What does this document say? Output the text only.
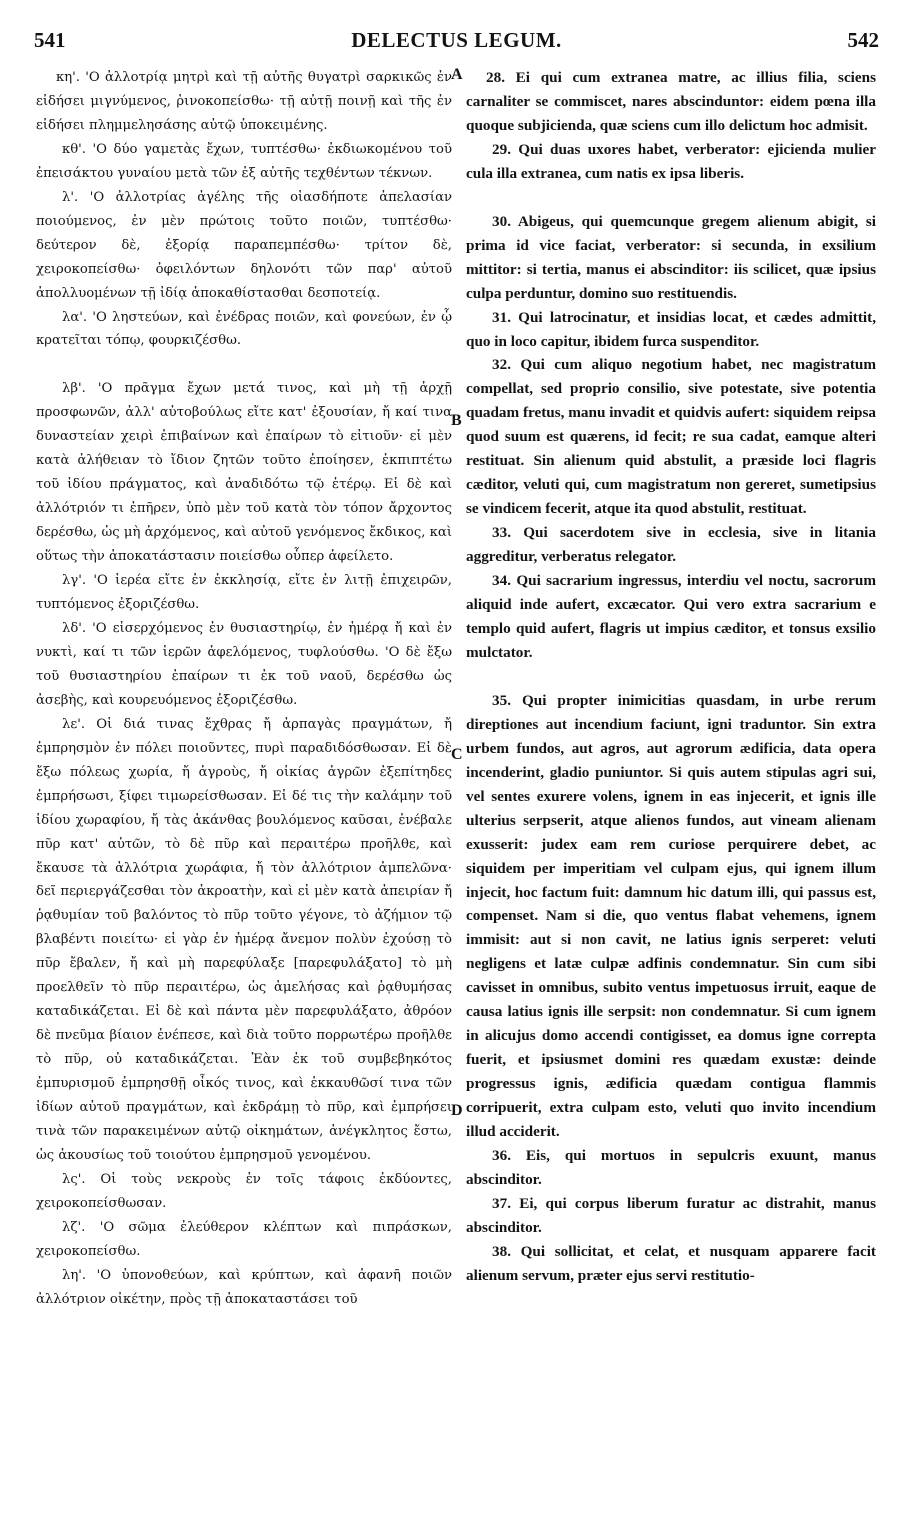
541	DELECTUS LEGUM.	542
A
B
C
D

κη'. 'Ο ἀλλοτρίᾳ μητρὶ καὶ τῇ αὐτῆς θυγατρὶ σαρκικῶς ἐν εἰδήσει μιγνύμενος, ῥινοκοπείσθω· τῇ αὐτῇ ποινῇ καὶ τῆς ἐν εἰδήσει πλημμελησάσης αὐτῷ ὑποκειμένης.

κθ'. 'Ο δύο γαμετὰς ἔχων, τυπτέσθω· ἐκδιωκομένου τοῦ ἐπεισάκτου γυναίου μετὰ τῶν ἐξ αὐτῆς τεχθέντων τέκνων.

λ'. 'Ο ἀλλοτρίας ἀγέλης τῆς οἱασδήποτε ἀπελασίαν ποιούμενος, ἐν μὲν πρώτοις τοῦτο ποιῶν, τυπτέσθω· δεύτερον δὲ, ἐξορίᾳ παραπεμπέσθω· τρίτον δὲ, χειροκοπείσθω· ὀφειλόντων δηλονότι τῶν παρ' αὐτοῦ ἀπολλυομένων τῇ ἰδίᾳ ἀποκαθίστασθαι δεσποτείᾳ.

λα'. 'Ο ληστεύων, καὶ ἐνέδρας ποιῶν, καὶ φονεύων, ἐν ᾧ κρατεῖται τόπῳ, φουρκιζέσθω.

λβ'. 'Ο πρᾶγμα ἔχων μετά τινος, καὶ μὴ τῇ ἀρχῇ προσφωνῶν, ἀλλ' αὐτοβούλως εἴτε κατ' ἐξουσίαν, ἤ καί τινα δυναστείαν χειρὶ ἐπιβαίνων καὶ ἐπαίρων τὸ εἰτιοῦν· εἰ μὲν κατὰ ἀλήθειαν τὸ ἴδιον ζητῶν τοῦτο ἐποίησεν, ἐκπιπτέτω τοῦ ἰδίου πράγματος, καὶ ἀναδιδότω τῷ ἑτέρῳ. Εἰ δὲ καὶ ἀλλότριόν τι ἐπῆρεν, ὑπὸ μὲν τοῦ κατὰ τὸν τόπον ἄρχοντος δερέσθω, ὡς μὴ ἀρχόμενος, καὶ αὐτοῦ γενόμενος ἔκδικος, καὶ οὕτως τὴν ἀποκατάστασιν ποιείσθω οὗπερ ἀφείλετο.

λγ'. 'Ο ἱερέα εἴτε ἐν ἐκκλησίᾳ, εἴτε ἐν λιτῇ ἐπιχειρῶν, τυπτόμενος ἐξοριζέσθω.

λδ'. 'Ο εἰσερχόμενος ἐν θυσιαστηρίῳ, ἐν ἡμέρᾳ ἤ καὶ ἐν νυκτὶ, καί τι τῶν ἱερῶν ἀφελόμενος, τυφλούσθω. 'Ο δὲ ἔξω τοῦ θυσιαστηρίου ἐπαίρων τι ἐκ τοῦ ναοῦ, δερέσθω ὡς ἀσεβὴς, καὶ κουρευόμενος ἐξοριζέσθω.

λε'. Οἱ διά τινας ἔχθρας ἤ ἁρπαγὰς πραγμάτων, ἤ ἐμπρησμὸν ἐν πόλει ποιοῦντες, πυρὶ παραδιδόσθωσαν. Εἰ δὲ ἔξω πόλεως χωρία, ἤ ἀγροὺς, ἤ οἰκίας ἀγρῶν ἐξεπίτηδες ἐμπρήσωσι, ξίφει τιμωρείσθωσαν. Εἰ δέ τις τὴν καλάμην τοῦ ἰδίου χωραφίου, ἤ τὰς ἀκάνθας βουλόμενος καῦσαι, ἐνέβαλε πῦρ κατ' αὐτῶν, τὸ δὲ πῦρ καὶ περαιτέρω προῆλθε, καὶ ἔκαυσε τὰ ἀλλότρια χωράφια, ἤ τὸν ἀλλότριον ἀμπελῶνα· δεῖ περιεργάζεσθαι τὸν ἀκροατὴν, καὶ εἰ μὲν κατὰ ἀπειρίαν ἤ ῥᾳθυμίαν τοῦ βαλόντος τὸ πῦρ τοῦτο γέγονε, τὸ ἀζήμιον τῷ βλαβέντι ποιείτω· εἰ γὰρ ἐν ἡμέρᾳ ἄνεμον πολὺν ἐχούσῃ τὸ πῦρ ἔβαλεν, ἤ καὶ μὴ παρεφύλαξε [παρεφυλάξατο] τὸ μὴ προελθεῖν τὸ πῦρ περαιτέρω, ὡς ἀμελήσας καὶ ῥᾳθυμήσας καταδικάζεται. Εἰ δὲ καὶ πάντα μὲν παρεφυλάξατο, ἀθρόον δὲ πνεῦμα βίαιον ἐνέπεσε, καὶ διὰ τοῦτο πορρωτέρω προῆλθε τὸ πῦρ, οὐ καταδικάζεται. Ἐὰν ἐκ τοῦ συμβεβηκότος ἐμπυρισμοῦ ἐμπρησθῇ οἶκός τινος, καὶ ἐκκαυθῶσί τινα τῶν ἰδίων αὐτοῦ πραγμάτων, καὶ ἐκδράμῃ τὸ πῦρ, καὶ ἐμπρήσει τινὰ τῶν παρακειμένων αὐτῷ οἰκημάτων, ἀνέγκλητος ἔστω, ὡς ἀκουσίως τοῦ τοιούτου ἐμπρησμοῦ γενομένου.

λς'. Οἱ τοὺς νεκροὺς ἐν τοῖς τάφοις ἐκδύοντες, χειροκοπείσθωσαν.

λζ'. 'Ο σῶμα ἐλεύθερον κλέπτων καὶ πιπράσκων, χειροκοπείσθω.

λη'. 'Ο ὑπονοθεύων, καὶ κρύπτων, καὶ ἀφανῆ ποιῶν ἀλλότριον οἰκέτην, πρὸς τῇ ἀποκαταστάσει τοῦ

28. Ei qui cum extranea matre, ac illius filia, sciens carnaliter se commiscet, nares abscinduntor: eidem pœna illa quoque subjicienda, quæ sciens cum illo delictum hoc admisit.

29. Qui duas uxores habet, verberator: ejicienda mulier cula illa extranea, cum natis ex ipsa liberis.

30. Abigeus, qui quemcunque gregem alienum abigit, si prima id vice faciat, verberator: si secunda, in exsilium mittitor: si tertia, manus ei abscinditor: iis scilicet, quæ ipsius culpa perduntur, domino suo restituendis.

31. Qui latrocinatur, et insidias locat, et cædes admittit, quo in loco capitur, ibidem furca suspenditor.

32. Qui cum aliquo negotium habet, nec magistratum compellat, sed proprio consilio, sive potestate, sive potentia quadam fretus, manu invadit et quidvis aufert: siquidem reipsa quod suum est quærens, id fecit; re sua cadat, eamque alteri restituat. Sin alienum quid abstulit, a præside loci flagris cæditor, veluti qui, cum magistratum non gereret, sumetipsius se vindicem fecerit, atque ita quod abstulit, restituat.

33. Qui sacerdotem sive in ecclesia, sive in litania aggreditur, verberatus relegator.

34. Qui sacrarium ingressus, interdiu vel noctu, sacrorum aliquid inde aufert, excæcator. Qui vero extra sacrarium e templo quid aufert, flagris ut impius cæditor, et tonsus exsilio mulctator.

35. Qui propter inimicitias quasdam, in urbe rerum direptiones aut incendium faciunt, igni traduntor. Sin extra urbem fundos, aut agros, aut agrorum ædificia, data opera incenderint, gladio puniuntor. Si quis autem stipulas agri sui, vel sentes exurere volens, ignem in eas injecerit, et ignis ille ulterius serpserit, atque alienos fundos, aut vineam alienam exusserit: judex eam rem curiose perquirere debet, ac siquidem per imperitiam vel culpam ejus, qui ignem illum injecit, hoc factum fuit: damnum hic datum illi, qui passus est, compenset. Nam si die, quo ventus flabat vehemens, ignem immisit: aut si non cavit, ne latius ignis serperet: veluti negligens et latæ culpæ adfinis condemnatur. Sin cum sibi cavisset in omnibus, subito ventus impetuosus irruit, eaque de causa latius ignis ille serpsit: non condemnatur. Si cum ignem in alicujus domo accendi contigisset, ea domus igne correpta fuerit, et ipsiusmet domini res quædam exustæ: deinde progressus ignis, ædificia quædam contigua flammis corripuerit, extra culpam esto, veluti quo invito incendium illud acciderit.

36. Eis, qui mortuos in sepulcris exuunt, manus abscinditor.

37. Ei, qui corpus liberum furatur ac distrahit, manus abscinditor.

38. Qui sollicitat, et celat, et nusquam apparere facit alienum servum, præter ejus servi restitutio-
